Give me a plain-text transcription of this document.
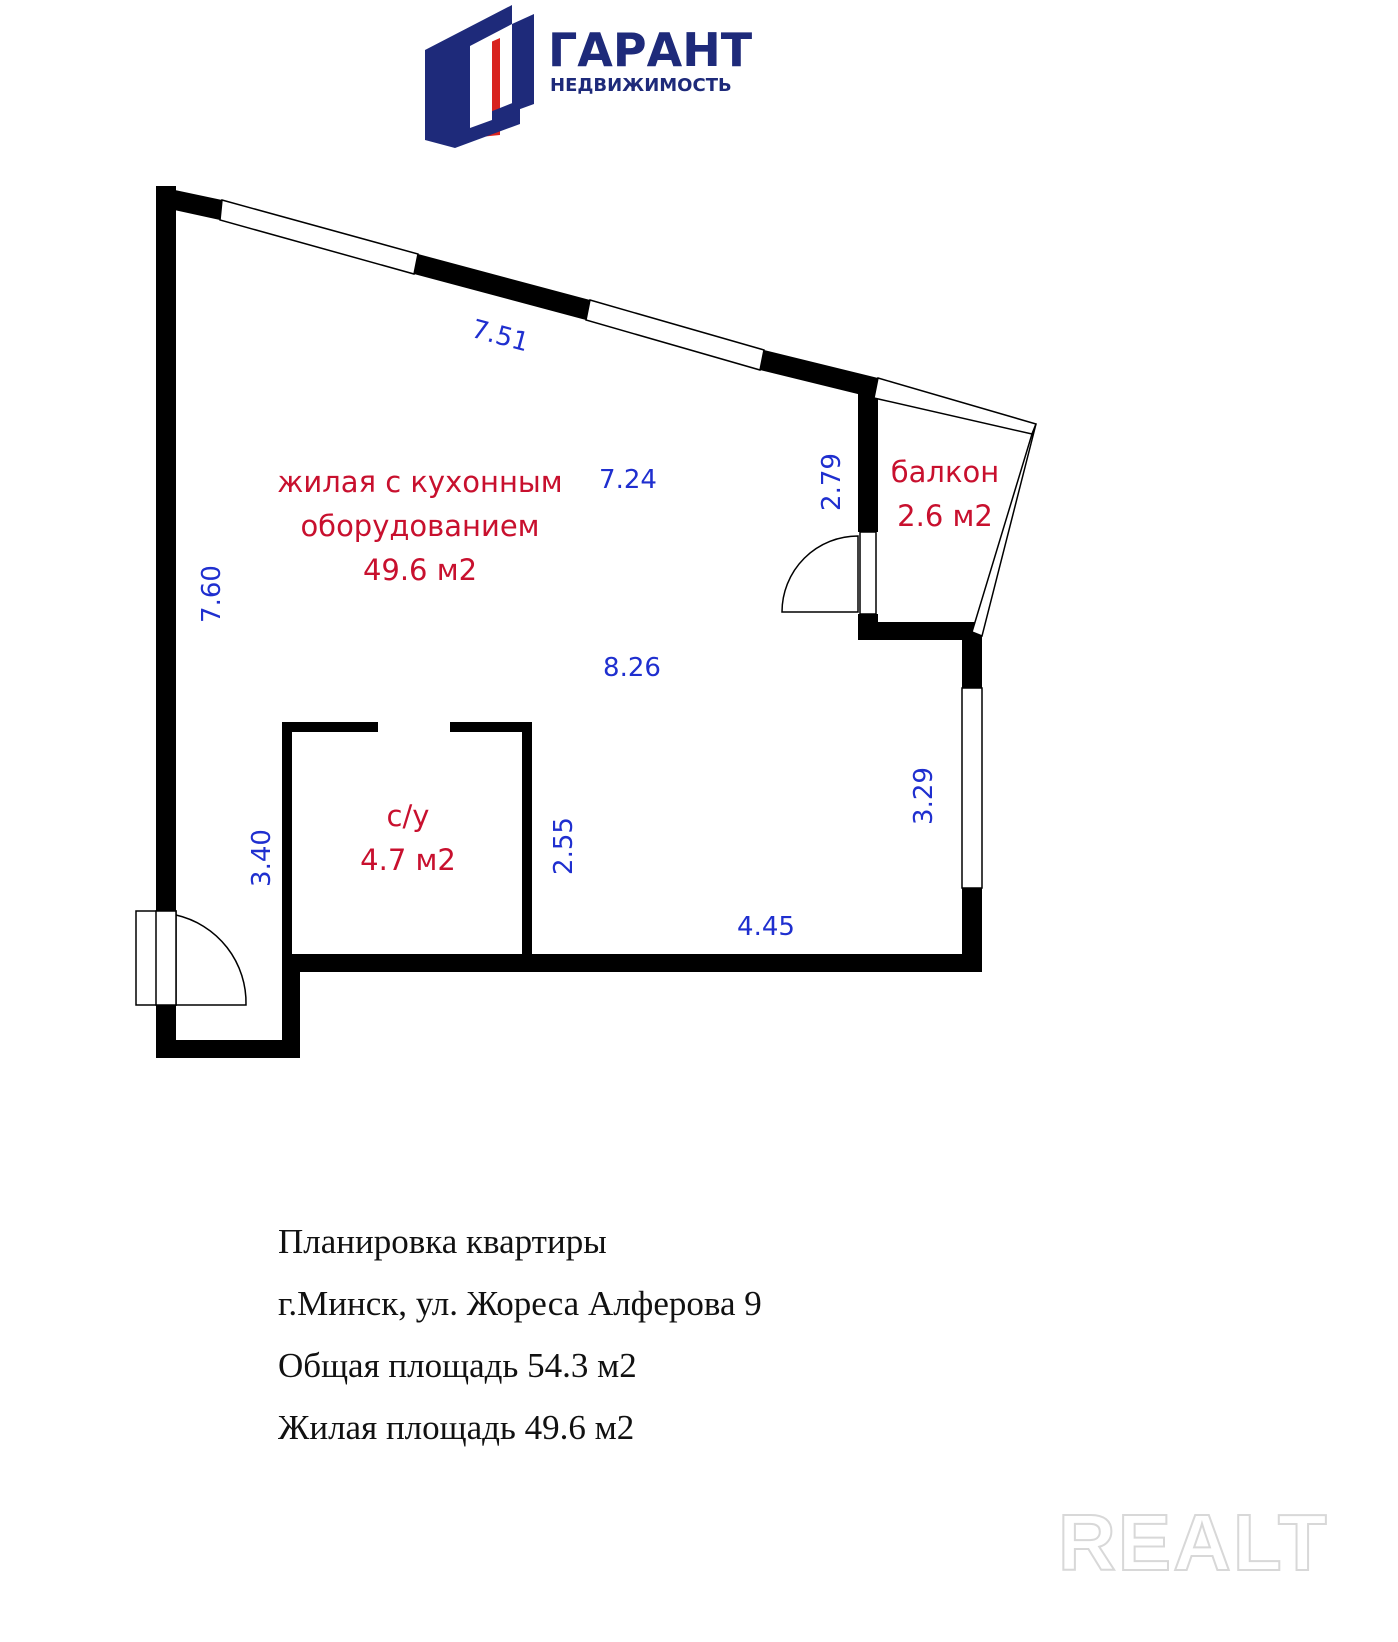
ГАРАНТ
НЕДВИЖИМОСТЬ
жилая с кухонным
оборудованием
49.6 м2
балкон
2.6 м2
с/у
4.7 м2
7.51
7.24	2.79
7.60
8.26
3.29
3.40	2.55
4.45
REALT
Планировка квартиры
г.Минск, ул. Жореса Алферова 9
Общая площадь 54.3 м2
Жилая площадь 49.6 м2
